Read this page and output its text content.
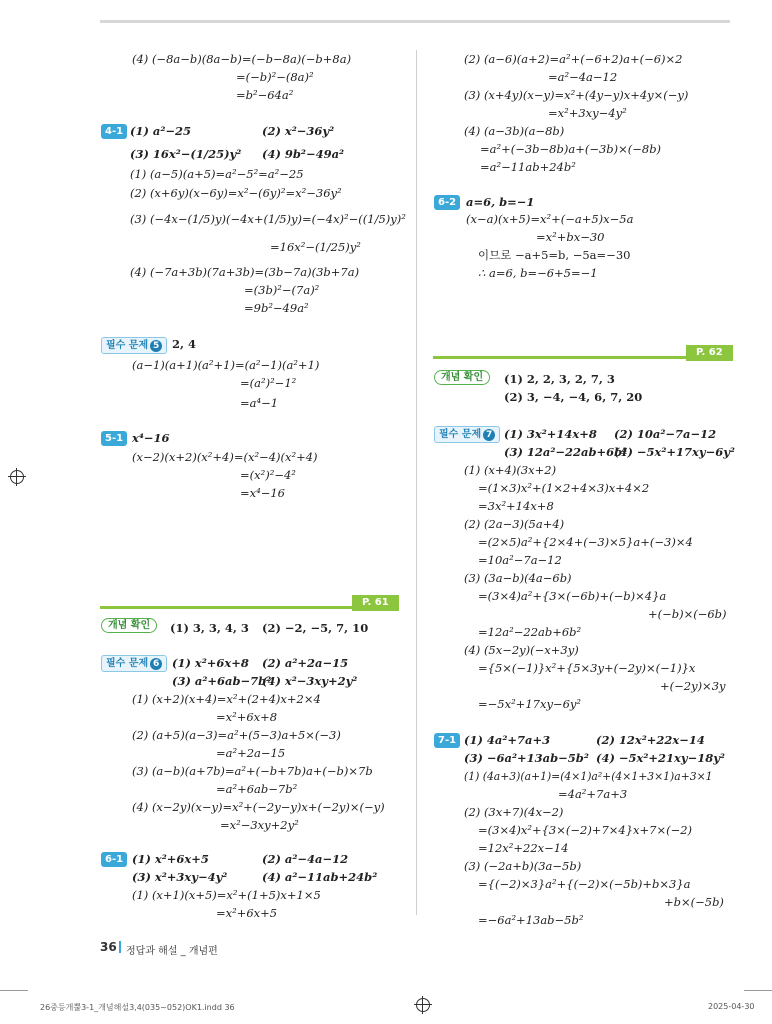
(4) (−8a−b)(8a−b)=(−b−8a)(−b+8a)
=(−b)²−(8a)²
=b²−64a²
4-1 (1) a²−25	(2) x²−36y²
(3) 16x²−(1/25)y² (4) 9b²−49a²
(1) (a−5)(a+5)=a²−5²=a²−25
(2) (x+6y)(x−6y)=x²−(6y)²=x²−36y²
(3) (−4x−(1/5)y)(−4x+(1/5)y)=(−4x)²−((1/5)y)²
=16x²−(1/25)y²
(4) (−7a+3b)(7a+3b)=(3b−7a)(3b+7a)
=(3b)²−(7a)²
=9b²−49a²
필수 문제 5	2, 4
(a−1)(a+1)(a²+1)=(a²−1)(a²+1)
=(a²)²−1²
=a⁴−1
5-1 x⁴−16
(x−2)(x+2)(x²+4)=(x²−4)(x²+4)
=(x²)²−4²
=x⁴−16
P. 61
개념 확인	(1) 3, 3, 4, 3 (2) −2, −5, 7, 10
필수 문제 6	(1) x²+6x+8 (2) a²+2a−15
(3) a²+6ab−7b²
(4) x²−3xy+2y²
(1) (x+2)(x+4)=x²+(2+4)x+2×4
=x²+6x+8
(2) (a+5)(a−3)=a²+(5−3)a+5×(−3)
=a²+2a−15
(3) (a−b)(a+7b)=a²+(−b+7b)a+(−b)×7b
=a²+6ab−7b²
(4) (x−2y)(x−y)=x²+(−2y−y)x+(−2y)×(−y)
=x²−3xy+2y²
6-1 (1) x²+6x+5	(2) a²−4a−12
(3) x²+3xy−4y²	(4) a²−11ab+24b²
(1) (x+1)(x+5)=x²+(1+5)x+1×5
=x²+6x+5
(2) (a−6)(a+2)=a²+(−6+2)a+(−6)×2
=a²−4a−12
(3) (x+4y)(x−y)=x²+(4y−y)x+4y×(−y)
=x²+3xy−4y²
(4) (a−3b)(a−8b)
=a²+(−3b−8b)a+(−3b)×(−8b)
=a²−11ab+24b²
6-2 a=6, b=−1
(x−a)(x+5)=x²+(−a+5)x−5a
=x²+bx−30
이므로 −a+5=b, −5a=−30
∴ a=6, b=−6+5=−1
P. 62
개념 확인	(1) 2, 2, 3, 2, 7, 3
(2) 3, −4, −4, 6, 7, 20
필수 문제 7	(1) 3x²+14x+8 (2) 10a²−7a−12
(3) 12a²−22ab+6b²
(4) −5x²+17xy−6y²
(1) (x+4)(3x+2)
=(1×3)x²+(1×2+4×3)x+4×2
=3x²+14x+8
(2) (2a−3)(5a+4)
=(2×5)a²+{2×4+(−3)×5}a+(−3)×4
=10a²−7a−12
(3) (3a−b)(4a−6b)
=(3×4)a²+{3×(−6b)+(−b)×4}a
+(−b)×(−6b)
=12a²−22ab+6b²
(4) (5x−2y)(−x+3y)
={5×(−1)}x²+{5×3y+(−2y)×(−1)}x
+(−2y)×3y
=−5x²+17xy−6y²
7-1 (1) 4a²+7a+3	(2) 12x²+22x−14
(3) −6a²+13ab−5b² (4) −5x²+21xy−18y²
(1) (4a+3)(a+1)=(4×1)a²+(4×1+3×1)a+3×1
=4a²+7a+3
(2) (3x+7)(4x−2)
=(3×4)x²+{3×(−2)+7×4}x+7×(−2)
=12x²+22x−14
(3) (−2a+b)(3a−5b)
={(−2)×3}a²+{(−2)×(−5b)+b×3}a
+b×(−5b)
=−6a²+13ab−5b²
36 정답과 해설 _ 개념편
26중등개뿔3-1_개념해설3,4(035~052)OK1.indd 36	2025-04-30
